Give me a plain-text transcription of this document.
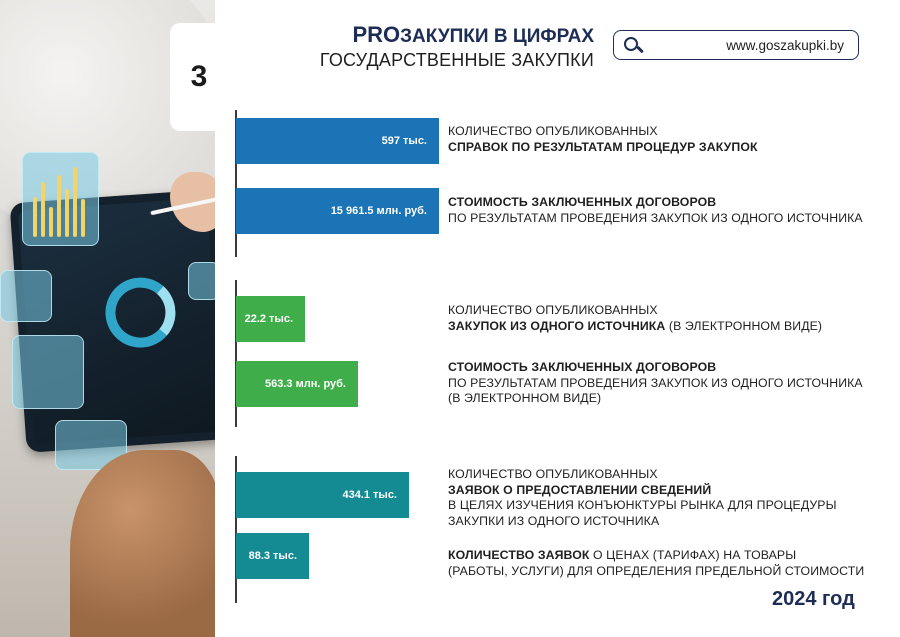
3
PROЗАКУПКИ В ЦИФРАХ
ГОСУДАРСТВЕННЫЕ ЗАКУПКИ
www.goszakupki.by
597 тыс.
КОЛИЧЕСТВО ОПУБЛИКОВАННЫХ
СПРАВОК ПО РЕЗУЛЬТАТАМ ПРОЦЕДУР ЗАКУПОК
15 961.5 млн. руб.
СТОИМОСТЬ ЗАКЛЮЧЕННЫХ ДОГОВОРОВ
ПО РЕЗУЛЬТАТАМ ПРОВЕДЕНИЯ ЗАКУПОК ИЗ ОДНОГО ИСТОЧНИКА
22.2 тыс.
КОЛИЧЕСТВО ОПУБЛИКОВАННЫХ
ЗАКУПОК ИЗ ОДНОГО ИСТОЧНИКА (В ЭЛЕКТРОННОМ ВИДЕ)
563.3 млн. руб.
СТОИМОСТЬ ЗАКЛЮЧЕННЫХ ДОГОВОРОВ
ПО РЕЗУЛЬТАТАМ ПРОВЕДЕНИЯ ЗАКУПОК ИЗ ОДНОГО ИСТОЧНИКА
(В ЭЛЕКТРОННОМ ВИДЕ)
434.1 тыс.
КОЛИЧЕСТВО ОПУБЛИКОВАННЫХ
ЗАЯВОК О ПРЕДОСТАВЛЕНИИ СВЕДЕНИЙ
В ЦЕЛЯХ ИЗУЧЕНИЯ КОНЪЮНКТУРЫ РЫНКА ДЛЯ ПРОЦЕДУРЫ
ЗАКУПКИ ИЗ ОДНОГО ИСТОЧНИКА
88.3 тыс.	КОЛИЧЕСТВО ЗАЯВОК О ЦЕНАХ (ТАРИФАХ) НА ТОВАРЫ
(РАБОТЫ, УСЛУГИ) ДЛЯ ОПРЕДЕЛЕНИЯ ПРЕДЕЛЬНОЙ СТОИМОСТИ
2024 год
